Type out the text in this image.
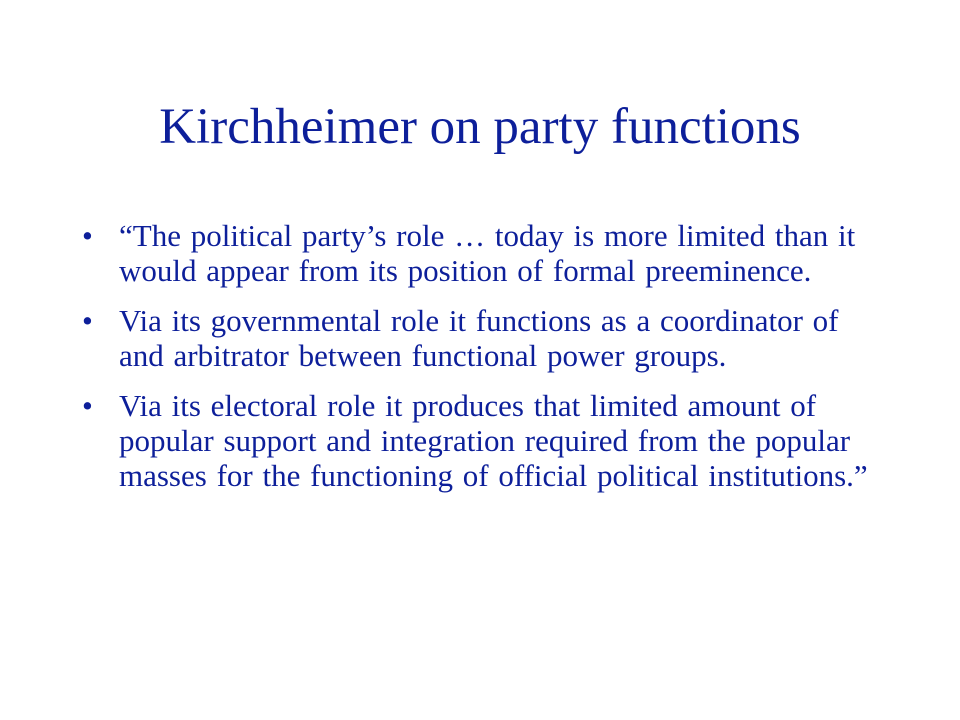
Kirchheimer on party functions
• “The political party’s role … today is more limited than it would appear from its position of formal preeminence.
• Via its governmental role it functions as a coordinator of and arbitrator between functional power groups.
• Via its electoral role it produces that limited amount of popular support and integration required from the popular masses for the functioning of official political institutions.”
